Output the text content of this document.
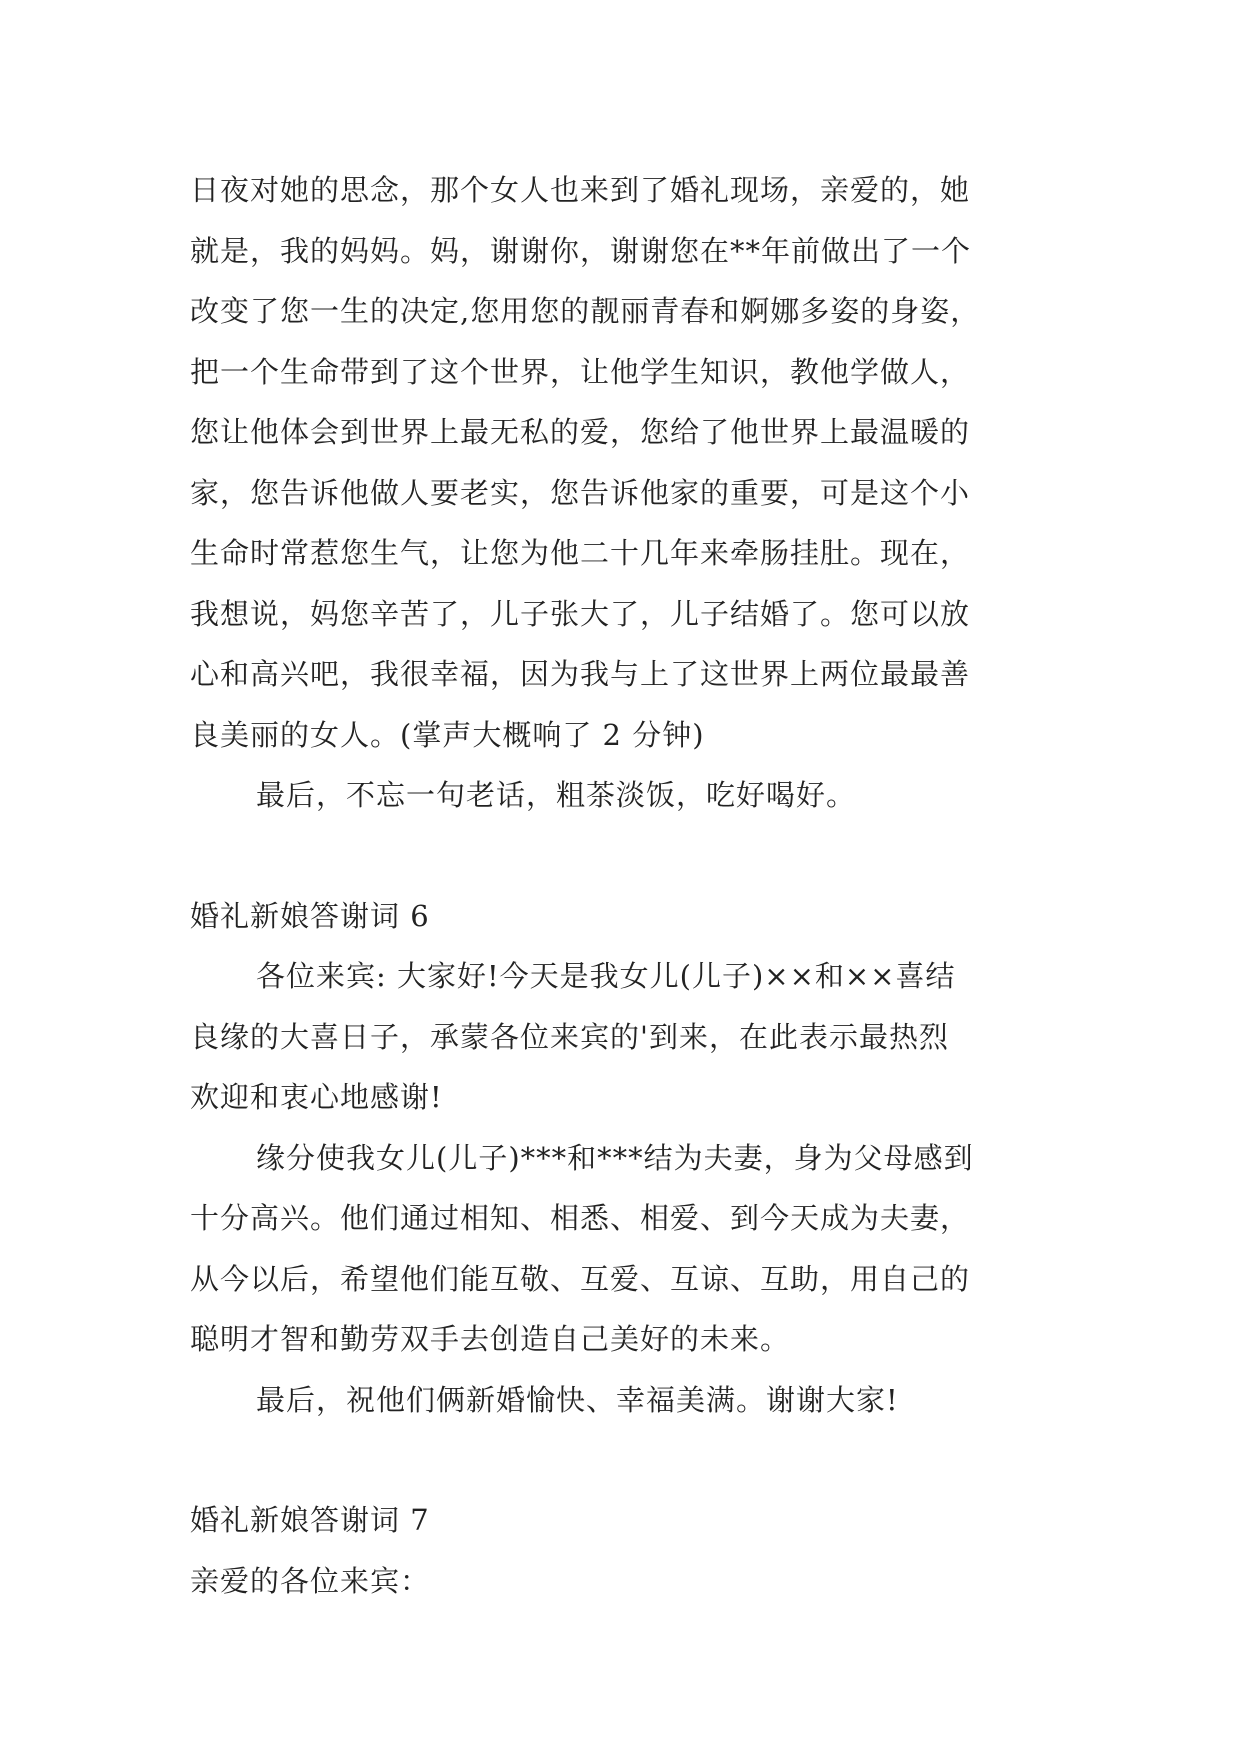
日夜对她的思念，那个女人也来到了婚礼现场，亲爱的，她
就是，我的妈妈。妈，谢谢你，谢谢您在**年前做出了一个
改变了您一生的决定,您用您的靓丽青春和婀娜多姿的身姿，
把一个生命带到了这个世界，让他学生知识，教他学做人，
您让他体会到世界上最无私的爱，您给了他世界上最温暖的
家，您告诉他做人要老实，您告诉他家的重要，可是这个小
生命时常惹您生气，让您为他二十几年来牵肠挂肚。现在，
我想说，妈您辛苦了，儿子张大了，儿子结婚了。您可以放
心和高兴吧，我很幸福，因为我与上了这世界上两位最最善
良美丽的女人。(掌声大概响了 2 分钟)
最后，不忘一句老话，粗茶淡饭，吃好喝好。
婚礼新娘答谢词 6
各位来宾: 大家好!今天是我女儿(儿子)××和××喜结
良缘的大喜日子，承蒙各位来宾的'到来，在此表示最热烈
欢迎和衷心地感谢!
缘分使我女儿(儿子)***和***结为夫妻，身为父母感到
十分高兴。他们通过相知、相悉、相爱、到今天成为夫妻，
从今以后，希望他们能互敬、互爱、互谅、互助，用自己的
聪明才智和勤劳双手去创造自己美好的未来。
最后，祝他们俩新婚愉快、幸福美满。谢谢大家!
婚礼新娘答谢词 7
亲爱的各位来宾：
